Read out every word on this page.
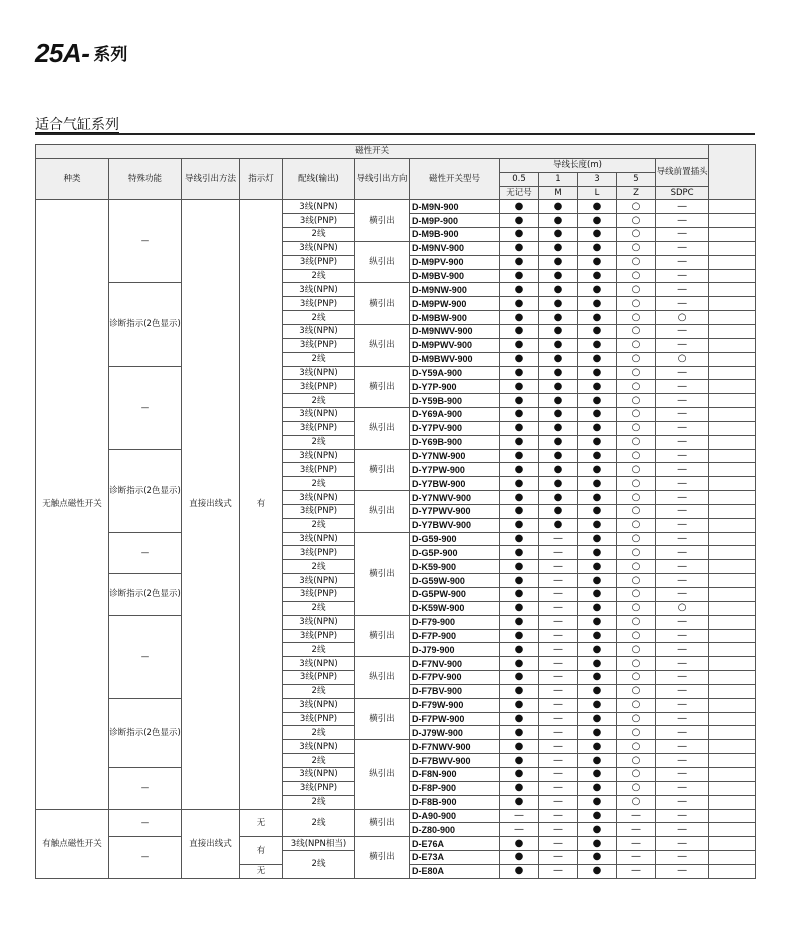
25A- 系列
适合气缸系列
磁性开关												
种类	特殊功能	导线引出方法	指示灯	配线(输出)	导线引出方向	磁性开关型号	导线长度(m)				导线前置插头	
							0.5	1	3	5		
							无记号	M	L	Z	SDPC	
无触点磁性开关	—	直接出线式	有	3线(NPN)	横引出	D-M9N-900	●	●	●	○	—	
				3线(PNP)		D-M9P-900	●	●	●	○	—	
				2线		D-M9B-900	●	●	●	○	—	
				3线(NPN)	纵引出	D-M9NV-900	●	●	●	○	—	
				3线(PNP)		D-M9PV-900	●	●	●	○	—	
				2线		D-M9BV-900	●	●	●	○	—	
	诊断指示(2色显示)			3线(NPN)	横引出	D-M9NW-900	●	●	●	○	—	
				3线(PNP)		D-M9PW-900	●	●	●	○	—	
				2线		D-M9BW-900	●	●	●	○	○	
				3线(NPN)	纵引出	D-M9NWV-900	●	●	●	○	—	
				3线(PNP)		D-M9PWV-900	●	●	●	○	—	
				2线		D-M9BWV-900	●	●	●	○	○	
	—			3线(NPN)	横引出	D-Y59A-900	●	●	●	○	—	
				3线(PNP)		D-Y7P-900	●	●	●	○	—	
				2线		D-Y59B-900	●	●	●	○	—	
				3线(NPN)	纵引出	D-Y69A-900	●	●	●	○	—	
				3线(PNP)		D-Y7PV-900	●	●	●	○	—	
				2线		D-Y69B-900	●	●	●	○	—	
	诊断指示(2色显示)			3线(NPN)	横引出	D-Y7NW-900	●	●	●	○	—	
				3线(PNP)		D-Y7PW-900	●	●	●	○	—	
				2线		D-Y7BW-900	●	●	●	○	—	
				3线(NPN)	纵引出	D-Y7NWV-900	●	●	●	○	—	
				3线(PNP)		D-Y7PWV-900	●	●	●	○	—	
				2线		D-Y7BWV-900	●	●	●	○	—	
	—			3线(NPN)	横引出	D-G59-900	●	—	●	○	—	
				3线(PNP)		D-G5P-900	●	—	●	○	—	
				2线		D-K59-900	●	—	●	○	—	
	诊断指示(2色显示)			3线(NPN)		D-G59W-900	●	—	●	○	—	
				3线(PNP)		D-G5PW-900	●	—	●	○	—	
				2线		D-K59W-900	●	—	●	○	○	
	—			3线(NPN)	横引出	D-F79-900	●	—	●	○	—	
				3线(PNP)		D-F7P-900	●	—	●	○	—	
				2线		D-J79-900	●	—	●	○	—	
				3线(NPN)	纵引出	D-F7NV-900	●	—	●	○	—	
				3线(PNP)		D-F7PV-900	●	—	●	○	—	
				2线		D-F7BV-900	●	—	●	○	—	
	诊断指示(2色显示)			3线(NPN)	横引出	D-F79W-900	●	—	●	○	—	
				3线(PNP)		D-F7PW-900	●	—	●	○	—	
				2线		D-J79W-900	●	—	●	○	—	
				3线(NPN)	纵引出	D-F7NWV-900	●	—	●	○	—	
				2线		D-F7BWV-900	●	—	●	○	—	
	—			3线(NPN)		D-F8N-900	●	—	●	○	—	
				3线(PNP)		D-F8P-900	●	—	●	○	—	
				2线		D-F8B-900	●	—	●	○	—	
有触点磁性开关	—	直接出线式	无	2线	横引出	D-A90-900	—	—	●	—	—	
						D-Z80-900	—	—	●	—	—	
	—		有	3线(NPN相当)	横引出	D-E76A	●	—	●	—	—	
				2线		D-E73A	●	—	●	—	—	
			无			D-E80A	●	—	●	—	—	
